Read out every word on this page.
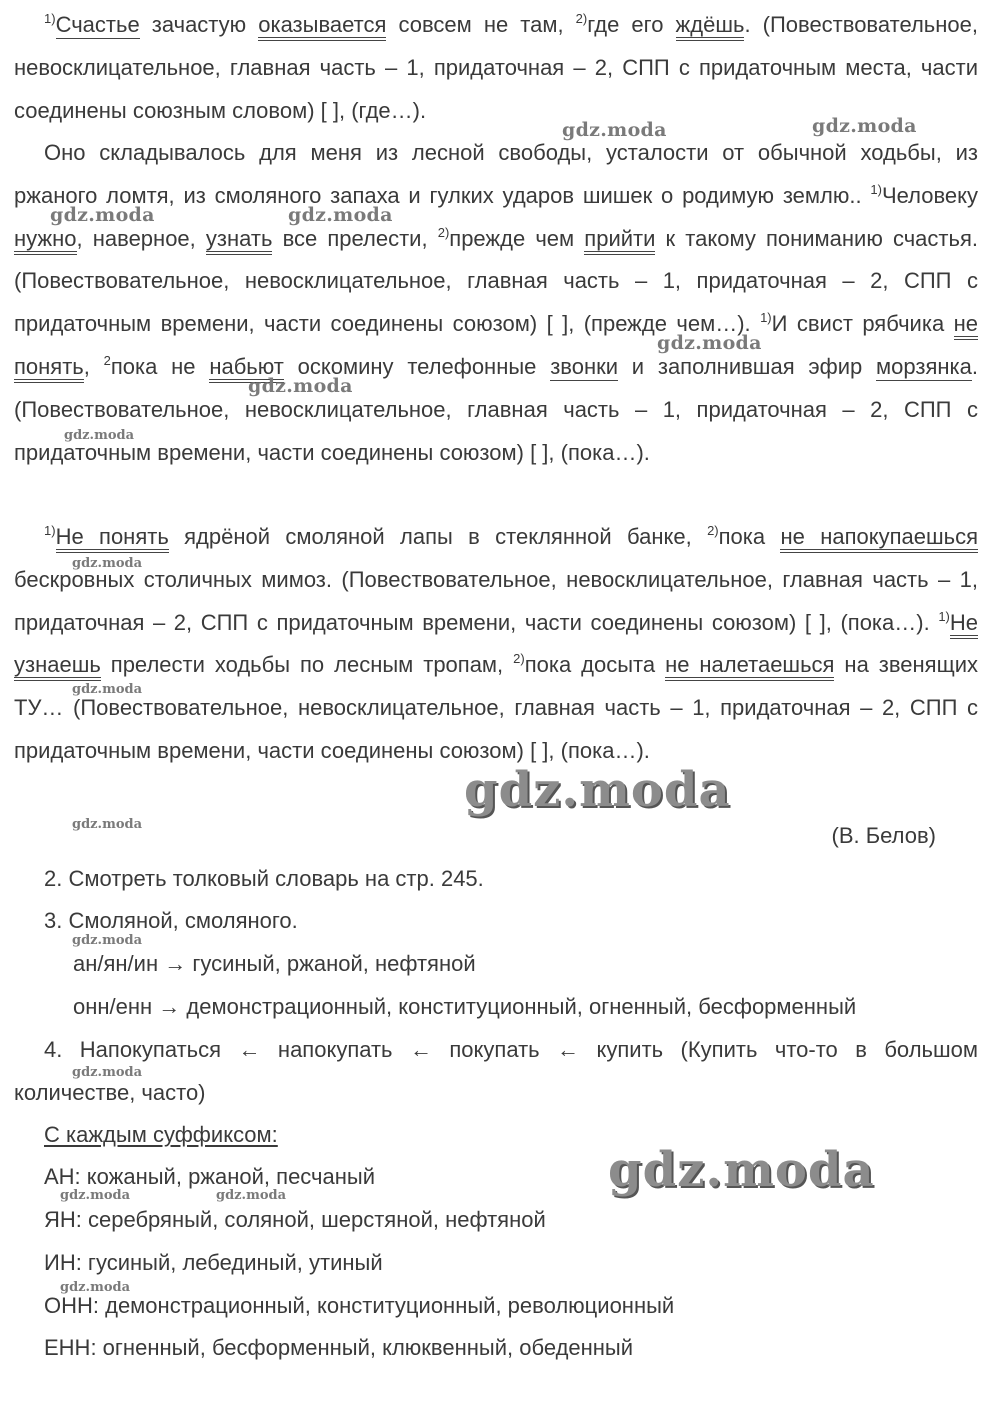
$^{1)}$Счастье зачастую оказывается совсем не там, $^{2)}$где его ждёшь. (Повествовательное, невосклицательное, главная часть – 1, придаточная – 2, СПП с придаточным места, части соединены союзным словом) [ ], (где…).
Оно складывалось для меня из лесной свободы, усталости от обычной ходьбы, из ржаного ломтя, из смоляного запаха и гулких ударов шишек о родимую землю.. $^{1)}$Человеку нужно, наверное, узнать все прелести, $^{2)}$прежде чем прийти к такому пониманию счастья. (Повествовательное, невосклицательное, главная часть – 1, придаточная – 2, СПП с придаточным времени, части соединены союзом) [ ], (прежде чем…). $^{1)}$И свист рябчика не понять, $^2$пока не набьют оскомину телефонные звонки и заполнившая эфир морзянка. (Повествовательное, невосклицательное, главная часть – 1, придаточная – 2, СПП с придаточным времени, части соединены союзом) [ ], (пока…).
$^{1)}$Не понять ядрёной смоляной лапы в стеклянной банке, $^{2)}$пока не напокупаешься бескровных столичных мимоз. (Повествовательное, невосклицательное, главная часть – 1, придаточная – 2, СПП с придаточным времени, части соединены союзом) [ ], (пока…). $^{1)}$Не узнаешь прелести ходьбы по лесным тропам, $^{2)}$пока досыта не налетаешься на звенящих ТУ… (Повествовательное, невосклицательное, главная часть – 1, придаточная – 2, СПП с придаточным времени, части соединены союзом) [ ], (пока…).

(В. Белов)

2. Смотреть толковый словарь на стр. 245.

3. Смоляной, смоляного.

ан/ян/ин → гусиный, ржаной, нефтяной

онн/енн → демонстрационный, конституционный, огненный, бесформенный

4. Напокупаться ← напокупать ← покупать ← купить (Купить что-то в большом количестве, часто)

С каждым суффиксом:

АН: кожаный, ржаной, песчаный

ЯН: серебряный, соляной, шерстяной, нефтяной

ИН: гусиный, лебединый, утиный

ОНН: демонстрационный, конституционный, революционный

ЕНН: огненный, бесформенный, клюквенный, обеденный

gdz.moda	gdz.moda
gdz.moda	gdz.moda
gdz.moda
gdz.moda
gdz.moda
gdz.moda
gdz.moda
gdz.moda
gdz.moda
gdz.moda
gdz.moda
gdz.moda
gdz.moda	gdz.moda
gdz.moda
